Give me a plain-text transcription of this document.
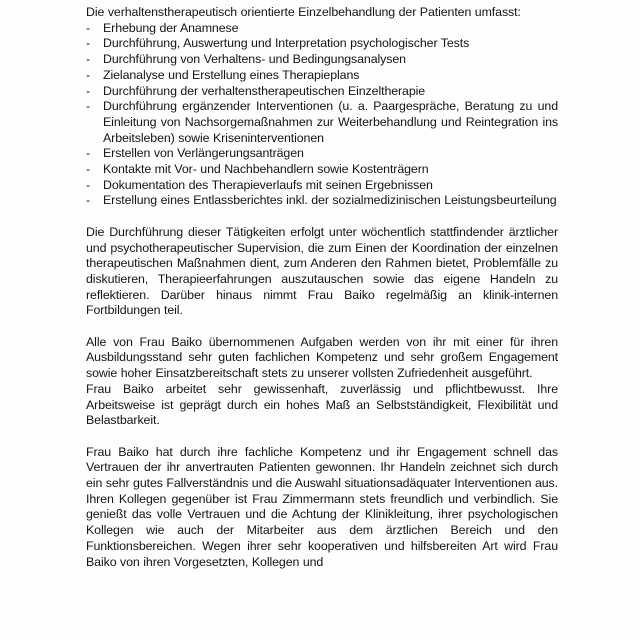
Die verhaltenstherapeutisch orientierte Einzelbehandlung der Patienten umfasst:

- Erhebung der Anamnese
- Durchführung, Auswertung und Interpretation psychologischer Tests
- Durchführung von Verhaltens- und Bedingungsanalysen
- Zielanalyse und Erstellung eines Therapieplans
- Durchführung der verhaltenstherapeutischen Einzeltherapie
- Durchführung ergänzender Interventionen (u. a. Paargespräche, Beratung zu und Einleitung von Nachsorgemaßnahmen zur Weiterbehandlung und Reintegration ins Arbeitsleben) sowie Kriseninterventionen
- Erstellen von Verlängerungsanträgen
- Kontakte mit Vor- und Nachbehandlern sowie Kostenträgern
- Dokumentation des Therapieverlaufs mit seinen Ergebnissen
- Erstellung eines Entlassberichtes inkl. der sozialmedizinischen Leistungsbeurteilung

Die Durchführung dieser Tätigkeiten erfolgt unter wöchentlich stattfindender ärztlicher und psychotherapeutischer Supervision, die zum Einen der Koordination der einzelnen therapeutischen Maßnahmen dient, zum Anderen den Rahmen bietet, Problemfälle zu diskutieren, Therapieerfahrungen auszutauschen sowie das eigene Handeln zu reflektieren. Darüber hinaus nimmt Frau Baiko regelmäßig an klinik-internen Fortbildungen teil.

Alle von Frau Baiko übernommenen Aufgaben werden von ihr mit einer für ihren Ausbildungsstand sehr guten fachlichen Kompetenz und sehr großem Engagement sowie hoher Einsatzbereitschaft stets zu unserer vollsten Zufriedenheit ausgeführt.

Frau Baiko arbeitet sehr gewissenhaft, zuverlässig und pflichtbewusst. Ihre Arbeitsweise ist geprägt durch ein hohes Maß an Selbstständigkeit, Flexibilität und Belastbarkeit.

Frau Baiko hat durch ihre fachliche Kompetenz und ihr Engagement schnell das Vertrauen der ihr anvertrauten Patienten gewonnen. Ihr Handeln zeichnet sich durch ein sehr gutes Fallverständnis und die Auswahl situationsadäquater Interventionen aus. Ihren Kollegen gegenüber ist Frau Zimmermann stets freundlich und verbindlich. Sie genießt das volle Vertrauen und die Achtung der Klinikleitung, ihrer psychologischen Kollegen wie auch der Mitarbeiter aus dem ärztlichen Bereich und den Funktionsbereichen. Wegen ihrer sehr kooperativen und hilfsbereiten Art wird Frau Baiko von ihren Vorgesetzten, Kollegen und
